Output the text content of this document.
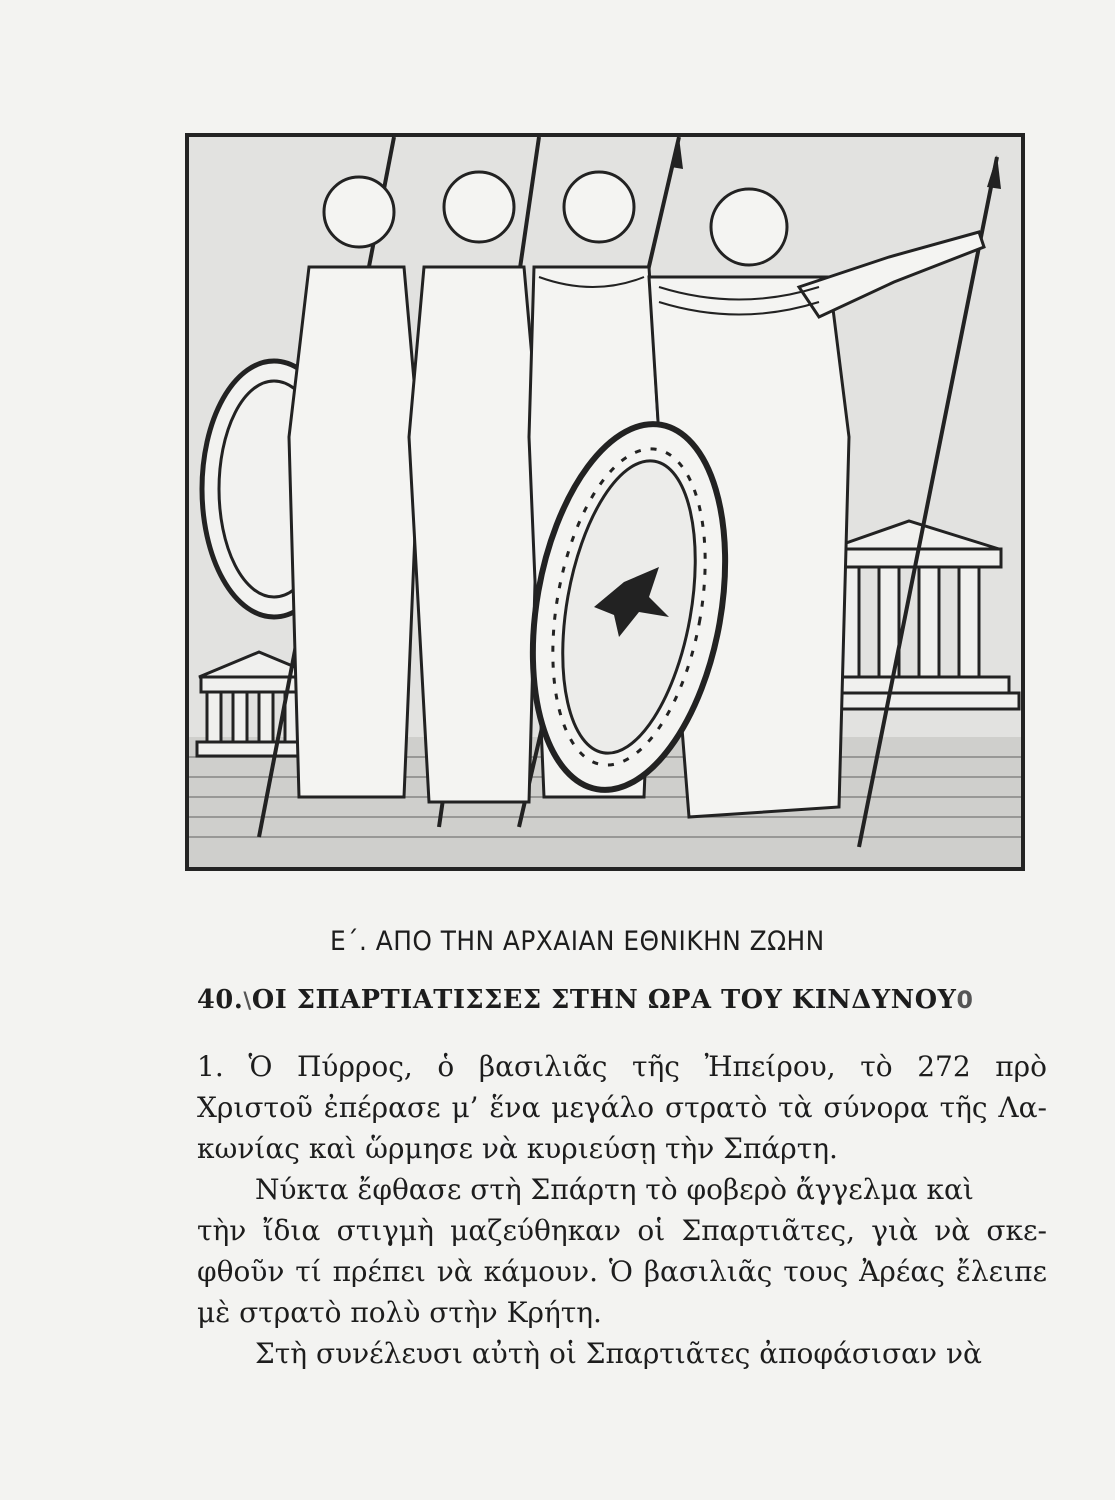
Ε΄. ΑΠΟ ΤΗΝ ΑΡΧΑΙΑΝ ΕΘΝΙΚΗΝ ΖΩΗΝ
40.\ΟΙ ΣΠΑΡΤΙΑΤΙΣΣΕΣ ΣΤΗΝ ΩΡΑ ΤΟΥ ΚΙΝΔΥΝΟΥ0
1. Ὁ Πύρρος, ὁ βασιλιᾶς τῆς Ἠπείρου, τὸ 272 πρὸ
Χριστοῦ ἐπέρασε μ’ ἕνα μεγάλο στρατὸ τὰ σύνορα τῆς Λα-
κωνίας καὶ ὥρμησε νὰ κυριεύσῃ τὴν Σπάρτη.
Νύκτα ἔφθασε στὴ Σπάρτη τὸ φοβερὸ ἄγγελμα καὶ
τὴν ἴδια στιγμὴ μαζεύθηκαν οἱ Σπαρτιᾶτες, γιὰ νὰ σκε-
φθοῦν τί πρέπει νὰ κάμουν. Ὁ βασιλιᾶς τους Ἀρέας ἔλειπε
μὲ στρατὸ πολὺ στὴν Κρήτη.
Στὴ συνέλευσι αὐτὴ οἱ Σπαρτιᾶτες ἀποφάσισαν νὰ
